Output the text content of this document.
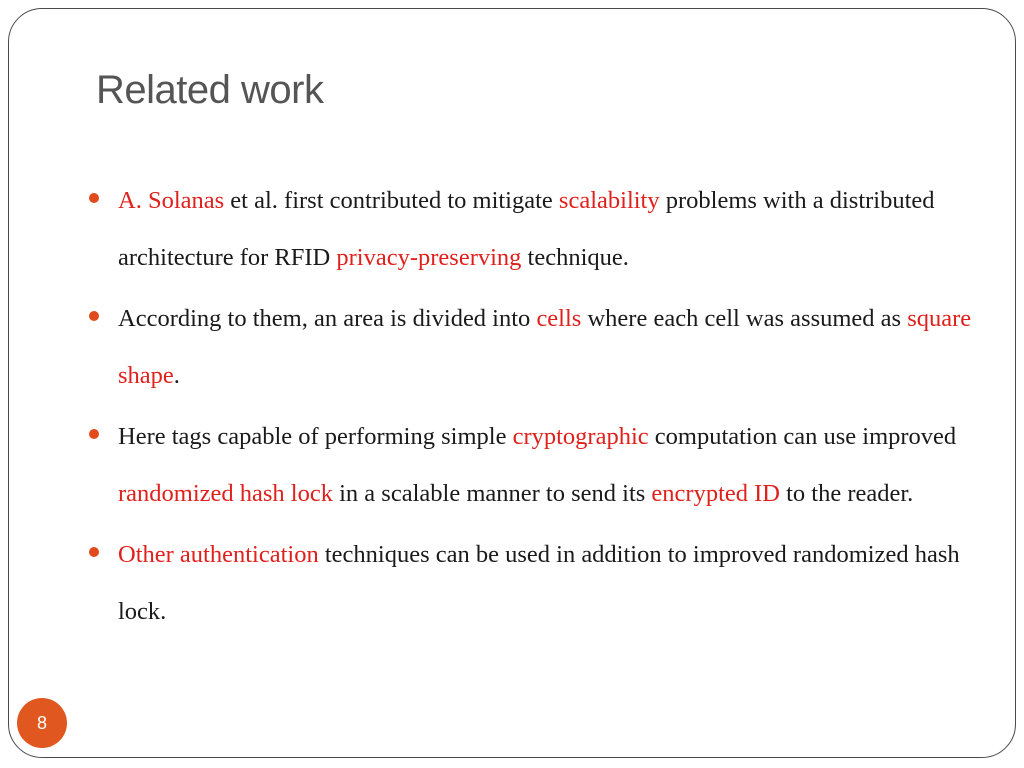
Related work
A. Solanas et al. first contributed to mitigate scalability problems with a distributed architecture for RFID privacy-preserving technique.
According to them, an area is divided into cells where each cell was assumed as square shape.
Here tags capable of performing simple cryptographic computation can use improved randomized hash lock in a scalable manner to send its encrypted ID to the reader.
Other authentication techniques can be used in addition to improved randomized hash lock.
8
